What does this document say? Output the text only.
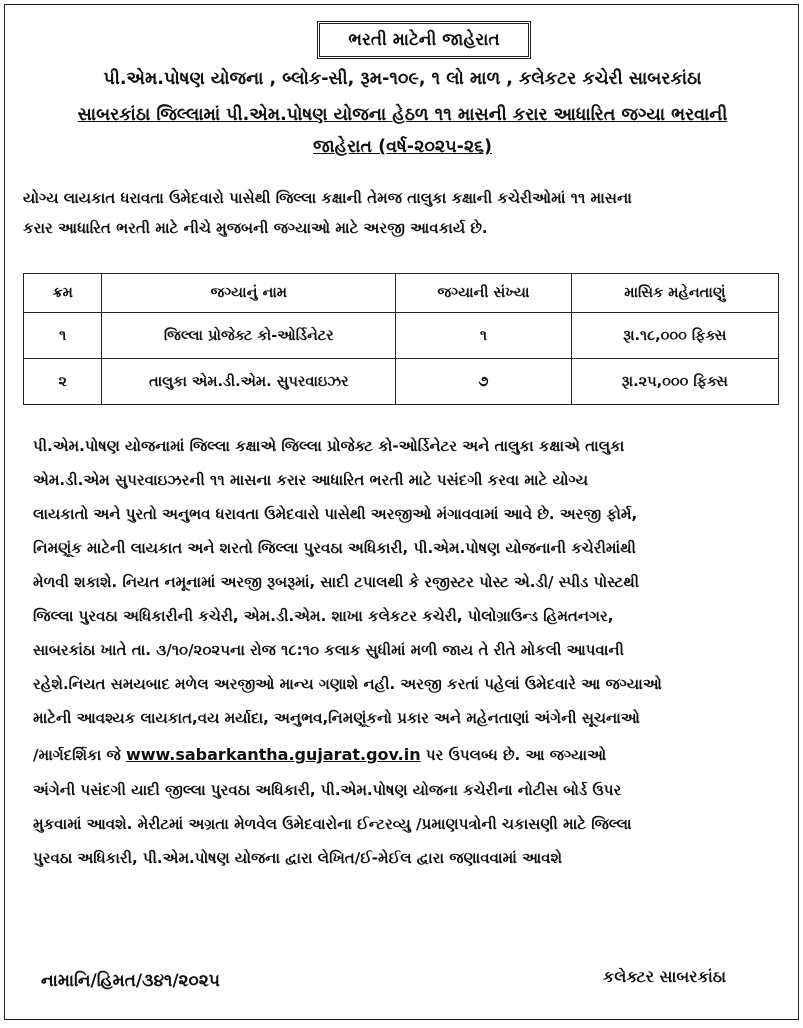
ભરતી માટેની જાહેરાત
પી.એમ.પોષણ યોજના , બ્લોક-સી, રૂમ-૧૦૯, ૧ લો માળ , કલેકટર કચેરી સાબરકાંઠા
સાબરકાંઠા જિલ્લામાં પી.એમ.પોષણ યોજના હેઠળ ૧૧ માસની કરાર આધારિત જગ્યા ભરવાની
જાહેરાત (વર્ષ-૨૦૨૫-૨૬)
યોગ્ય લાયકાત ધરાવતા ઉમેદવારો પાસેથી જિલ્લા કક્ષાની તેમજ તાલુકા કક્ષાની કચેરીઓમાં ૧૧ માસના
કરાર આધારિત ભરતી માટે નીચે મુજબની જગ્યાઓ માટે અરજી આવકાર્ય છે.
ક્રમ	જગ્યાનું નામ	જગ્યાની સંખ્યા	માસિક મહેનતાણું
૧	જિલ્લા પ્રોજેક્ટ કો-ઓર્ડિનેટર	૧	રૂા.૧૮,૦૦૦ ફિક્સ
૨	તાલુકા એમ.ડી.એમ. સુપરવાઇઝર	૭	રૂા.૨૫,૦૦૦ ફિક્સ
પી.એમ.પોષણ યોજનામાં જિલ્લા કક્ષાએ જિલ્લા પ્રોજેક્ટ કો-ઓર્ડિનેટર અને તાલુકા કક્ષાએ તાલુકા
એમ.ડી.એમ સુપરવાઇઝરની ૧૧ માસના કરાર આધારિત ભરતી માટે પસંદગી કરવા માટે યોગ્ય
લાયકાતો અને પુરતો અનુભવ ધરાવતા ઉમેદવારો પાસેથી અરજીઓ મંગાવવામાં આવે છે. અરજી ફોર્મ,
નિમણૂંક માટેની લાયકાત અને શરતો જિલ્લા પુરવઠા અધિકારી, પી.એમ.પોષણ યોજનાની કચેરીમાંથી
મેળવી શકાશે. નિયત નમૂનામાં અરજી રૂબરૂમાં, સાદી ટપાલથી કે રજીસ્ટર પોસ્ટ એ.ડી/ સ્પીડ પોસ્ટથી
જિલ્લા પુરવઠા અધિકારીની કચેરી, એમ.ડી.એમ. શાખા કલેકટર કચેરી, પોલોગ્રાઉન્ડ હિમતનગર,
સાબરકાંઠા ખાતે તા. ૩/૧૦/૨૦૨૫ના રોજ ૧૮:૧૦ કલાક સુધીમાં મળી જાય તે રીતે મોકલી આપવાની
રહેશે.નિયત સમયબાદ મળેલ અરજીઓ માન્ય ગણાશે નહી. અરજી કરતાં પહેલાં ઉમેદવારે આ જગ્યાઓ
માટેની આવશ્યક લાયકાત,વય મર્યાદા, અનુભવ,નિમણૂંકનો પ્રકાર અને મહેનતાણાં અંગેની સૂચનાઓ
/માર્ગદર્શિકા જે www.sabarkantha.gujarat.gov.in પર ઉપલબ્ધ છે. આ જગ્યાઓ
અંગેની પસંદગી યાદી જીલ્લા પુરવઠા અધિકારી, પી.એમ.પોષણ યોજના કચેરીના નોટીસ બોર્ડ ઉપર
મુકવામાં આવશે. મેરીટમાં અગ્રતા મેળવેલ ઉમેદવારોના ઈન્ટરવ્યુ /પ્રમાણપત્રોની ચકાસણી માટે જિલ્લા
પુરવઠા અધિકારી, પી.એમ.પોષણ યોજના દ્વારા લેખિત/ઈ-મેઈલ દ્વારા જણાવવામાં આવશે
નામાનિ/હિમત/૩૪૧/૨૦૨૫	કલેક્ટર સાબરકાંઠા
